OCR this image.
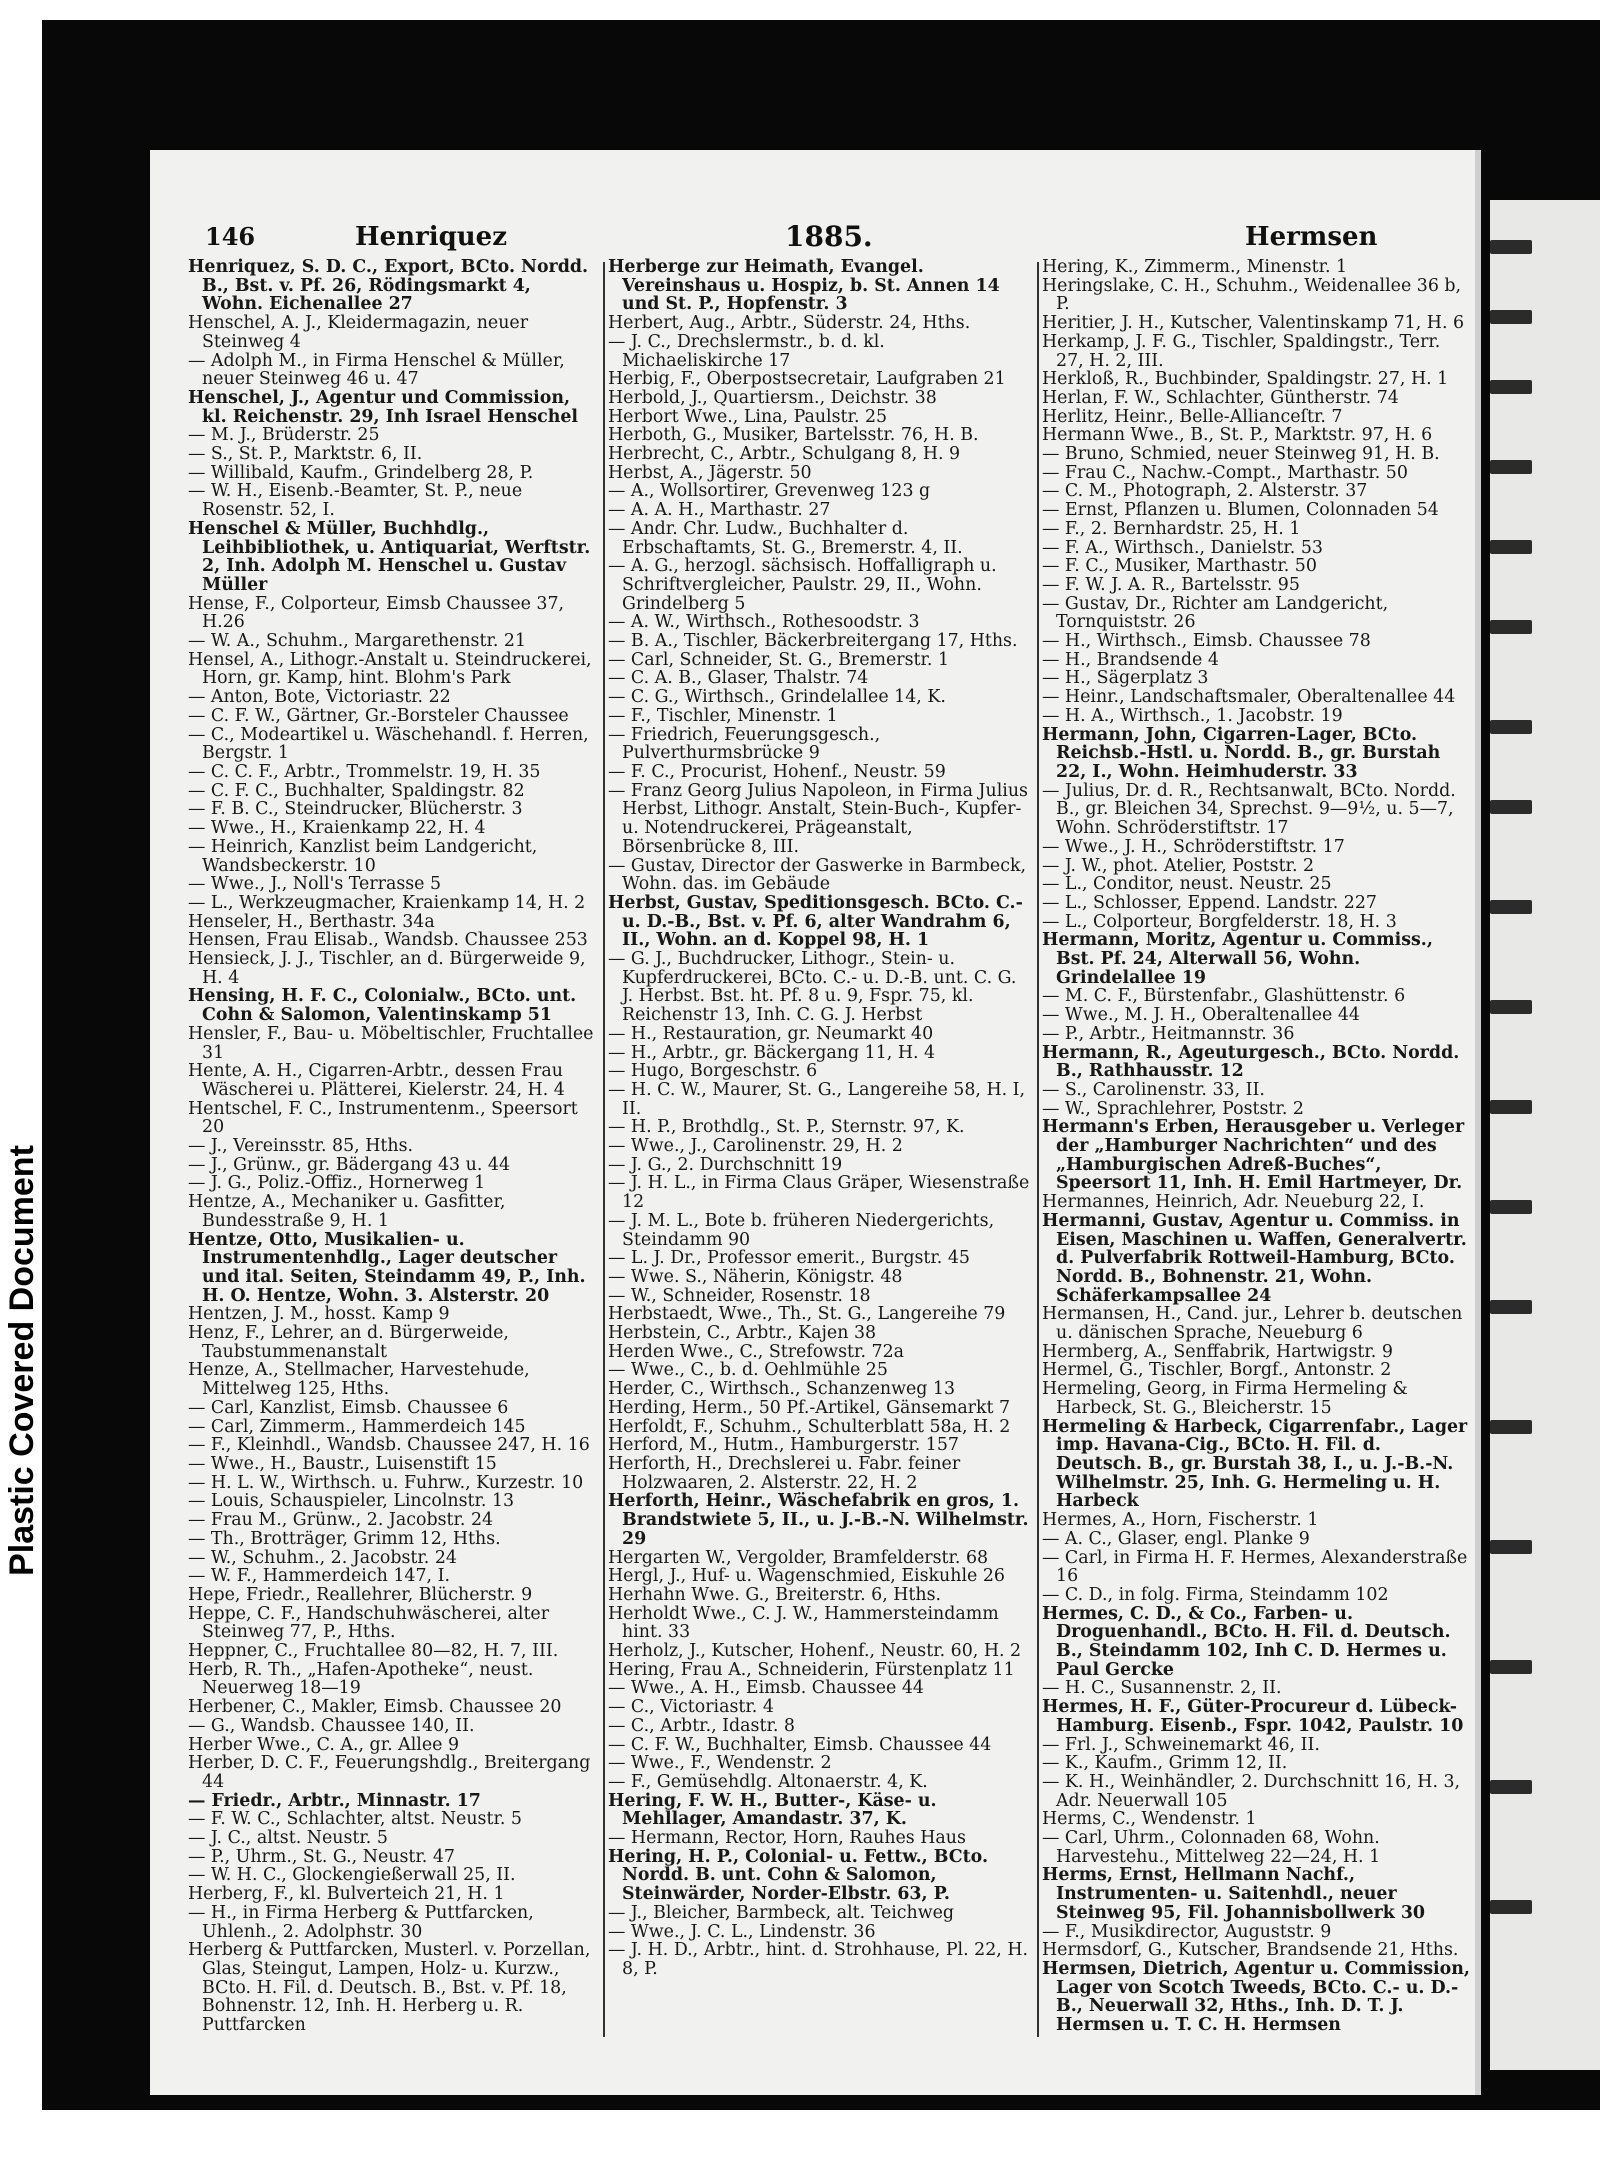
Plastic Covered Document
146	Henriquez	1885.	Hermsen

Henriquez, S. D. C., Export, BCto. Nordd. B., Bst. v. Pf. 26, Rödingsmarkt 4, Wohn. Eichenallee 27

Henschel, A. J., Kleidermagazin, neuer Steinweg 4

— Adolph M., in Firma Henschel & Müller, neuer Steinweg 46 u. 47

Henschel, J., Agentur und Commission, kl. Reichenstr. 29, Inh Israel Henschel

— M. J., Brüderstr. 25

— S., St. P., Marktstr. 6, II.

— Willibald, Kaufm., Grindelberg 28, P.

— W. H., Eisenb.-Beamter, St. P., neue Rosenstr. 52, I.

Henschel & Müller, Buchhdlg., Leihbibliothek, u. Antiquariat, Werftstr. 2, Inh. Adolph M. Henschel u. Gustav Müller

Hense, F., Colporteur, Eimsb Chaussee 37, H.26

— W. A., Schuhm., Margarethenstr. 21

Hensel, A., Lithogr.-Anstalt u. Steindruckerei, Horn, gr. Kamp, hint. Blohm's Park

— Anton, Bote, Victoriastr. 22

— C. F. W., Gärtner, Gr.-Borsteler Chaussee

— C., Modeartikel u. Wäschehandl. f. Herren, Bergstr. 1

— C. C. F., Arbtr., Trommelstr. 19, H. 35

— C. F. C., Buchhalter, Spaldingstr. 82

— F. B. C., Steindrucker, Blücherstr. 3

— Wwe., H., Kraienkamp 22, H. 4

— Heinrich, Kanzlist beim Landgericht, Wandsbeckerstr. 10

— Wwe., J., Noll's Terrasse 5

— L., Werkzeugmacher, Kraienkamp 14, H. 2

Henseler, H., Berthastr. 34a

Hensen, Frau Elisab., Wandsb. Chaussee 253

Hensieck, J. J., Tischler, an d. Bürgerweide 9, H. 4

Hensing, H. F. C., Colonialw., BCto. unt. Cohn & Salomon, Valentinskamp 51

Hensler, F., Bau- u. Möbeltischler, Fruchtallee 31

Hente, A. H., Cigarren-Arbtr., dessen Frau Wäscherei u. Plätterei, Kielerstr. 24, H. 4

Hentschel, F. C., Instrumentenm., Speersort 20

— J., Vereinsstr. 85, Hths.

— J., Grünw., gr. Bädergang 43 u. 44

— J. G., Poliz.-Offiz., Hornerweg 1

Hentze, A., Mechaniker u. Gasfitter, Bundesstraße 9, H. 1

Hentze, Otto, Musikalien- u. Instrumentenhdlg., Lager deutscher und ital. Seiten, Steindamm 49, P., Inh. H. O. Hentze, Wohn. 3. Alsterstr. 20

Hentzen, J. M., hosst. Kamp 9

Henz, F., Lehrer, an d. Bürgerweide, Taubstummenanstalt

Henze, A., Stellmacher, Harvestehude, Mittelweg 125, Hths.

— Carl, Kanzlist, Eimsb. Chaussee 6

— Carl, Zimmerm., Hammerdeich 145

— F., Kleinhdl., Wandsb. Chaussee 247, H. 16

— Wwe., H., Baustr., Luisenstift 15

— H. L. W., Wirthsch. u. Fuhrw., Kurzestr. 10

— Louis, Schauspieler, Lincolnstr. 13

— Frau M., Grünw., 2. Jacobstr. 24

— Th., Brotträger, Grimm 12, Hths.

— W., Schuhm., 2. Jacobstr. 24

— W. F., Hammerdeich 147, I.

Hepe, Friedr., Reallehrer, Blücherstr. 9

Heppe, C. F., Handschuhwäscherei, alter Steinweg 77, P., Hths.

Heppner, C., Fruchtallee 80—82, H. 7, III.

Herb, R. Th., „Hafen-Apotheke“, neust. Neuerweg 18—19

Herbener, C., Makler, Eimsb. Chaussee 20

— G., Wandsb. Chaussee 140, II.

Herber Wwe., C. A., gr. Allee 9

Herber, D. C. F., Feuerungshdlg., Breitergang 44

— Friedr., Arbtr., Minnastr. 17

— F. W. C., Schlachter, altst. Neustr. 5

— J. C., altst. Neustr. 5

— P., Uhrm., St. G., Neustr. 47

— W. H. C., Glockengießerwall 25, II.

Herberg, F., kl. Bulverteich 21, H. 1

— H., in Firma Herberg & Puttfarcken, Uhlenh., 2. Adolphstr. 30

Herberg & Puttfarcken, Musterl. v. Porzellan, Glas, Steingut, Lampen, Holz- u. Kurzw., BCto. H. Fil. d. Deutsch. B., Bst. v. Pf. 18, Bohnenstr. 12, Inh. H. Herberg u. R. Puttfarcken

Herberge zur Heimath, Evangel. Vereinshaus u. Hospiz, b. St. Annen 14 und St. P., Hopfenstr. 3

Herbert, Aug., Arbtr., Süderstr. 24, Hths.

— J. C., Drechslermstr., b. d. kl. Michaeliskirche 17

Herbig, F., Oberpostsecretair, Laufgraben 21

Herbold, J., Quartiersm., Deichstr. 38

Herbort Wwe., Lina, Paulstr. 25

Herboth, G., Musiker, Bartelsstr. 76, H. B.

Herbrecht, C., Arbtr., Schulgang 8, H. 9

Herbst, A., Jägerstr. 50

— A., Wollsortirer, Grevenweg 123 g

— A. A. H., Marthastr. 27

— Andr. Chr. Ludw., Buchhalter d. Erbschaftamts, St. G., Bremerstr. 4, II.

— A. G., herzogl. sächsisch. Hoffalligraph u. Schriftvergleicher, Paulstr. 29, II., Wohn. Grindelberg 5

— A. W., Wirthsch., Rothesoodstr. 3

— B. A., Tischler, Bäckerbreitergang 17, Hths.

— Carl, Schneider, St. G., Bremerstr. 1

— C. A. B., Glaser, Thalstr. 74

— C. G., Wirthsch., Grindelallee 14, K.

— F., Tischler, Minenstr. 1

— Friedrich, Feuerungsgesch., Pulverthurmsbrücke 9

— F. C., Procurist, Hohenf., Neustr. 59

— Franz Georg Julius Napoleon, in Firma Julius Herbst, Lithogr. Anstalt, Stein-Buch-, Kupfer- u. Notendruckerei, Prägeanstalt, Börsenbrücke 8, III.

— Gustav, Director der Gaswerke in Barmbeck, Wohn. das. im Gebäude

Herbst, Gustav, Speditionsgesch. BCto. C.- u. D.-B., Bst. v. Pf. 6, alter Wandrahm 6, II., Wohn. an d. Koppel 98, H. 1

— G. J., Buchdrucker, Lithogr., Stein- u. Kupferdruckerei, BCto. C.- u. D.-B. unt. C. G. J. Herbst. Bst. ht. Pf. 8 u. 9, Fspr. 75, kl. Reichenstr 13, Inh. C. G. J. Herbst

— H., Restauration, gr. Neumarkt 40

— H., Arbtr., gr. Bäckergang 11, H. 4

— Hugo, Borgeschstr. 6

— H. C. W., Maurer, St. G., Langereihe 58, H. I, II.

— H. P., Brothdlg., St. P., Sternstr. 97, K.

— Wwe., J., Carolinenstr. 29, H. 2

— J. G., 2. Durchschnitt 19

— J. H. L., in Firma Claus Gräper, Wiesenstraße 12

— J. M. L., Bote b. früheren Niedergerichts, Steindamm 90

— L. J. Dr., Professor emerit., Burgstr. 45

— Wwe. S., Näherin, Königstr. 48

— W., Schneider, Rosenstr. 18

Herbstaedt, Wwe., Th., St. G., Langereihe 79

Herbstein, C., Arbtr., Kajen 38

Herden Wwe., C., Strefowstr. 72a

— Wwe., C., b. d. Oehlmühle 25

Herder, C., Wirthsch., Schanzenweg 13

Herding, Herm., 50 Pf.-Artikel, Gänsemarkt 7

Herfoldt, F., Schuhm., Schulterblatt 58a, H. 2

Herford, M., Hutm., Hamburgerstr. 157

Herforth, H., Drechslerei u. Fabr. feiner Holzwaaren, 2. Alsterstr. 22, H. 2

Herforth, Heinr., Wäschefabrik en gros, 1. Brandstwiete 5, II., u. J.-B.-N. Wilhelmstr. 29

Hergarten W., Vergolder, Bramfelderstr. 68

Hergl, J., Huf- u. Wagenschmied, Eiskuhle 26

Herhahn Wwe. G., Breiterstr. 6, Hths.

Herholdt Wwe., C. J. W., Hammersteindamm hint. 33

Herholz, J., Kutscher, Hohenf., Neustr. 60, H. 2

Hering, Frau A., Schneiderin, Fürstenplatz 11

— Wwe., A. H., Eimsb. Chaussee 44

— C., Victoriastr. 4

— C., Arbtr., Idastr. 8

— C. F. W., Buchhalter, Eimsb. Chaussee 44

— Wwe., F., Wendenstr. 2

— F., Gemüsehdlg. Altonaerstr. 4, K.

Hering, F. W. H., Butter-, Käse- u. Mehllager, Amandastr. 37, K.

— Hermann, Rector, Horn, Rauhes Haus

Hering, H. P., Colonial- u. Fettw., BCto. Nordd. B. unt. Cohn & Salomon, Steinwärder, Norder-Elbstr. 63, P.

— J., Bleicher, Barmbeck, alt. Teichweg

— Wwe., J. C. L., Lindenstr. 36

— J. H. D., Arbtr., hint. d. Strohhause, Pl. 22, H. 8, P.

Hering, K., Zimmerm., Minenstr. 1

Heringslake, C. H., Schuhm., Weidenallee 36 b, P.

Heritier, J. H., Kutscher, Valentinskamp 71, H. 6

Herkamp, J. F. G., Tischler, Spaldingstr., Terr. 27, H. 2, III.

Herkloß, R., Buchbinder, Spaldingstr. 27, H. 1

Herlan, F. W., Schlachter, Güntherstr. 74

Herlitz, Heinr., Belle-Allianceſtr. 7

Hermann Wwe., B., St. P., Marktstr. 97, H. 6

— Bruno, Schmied, neuer Steinweg 91, H. B.

— Frau C., Nachw.-Compt., Marthastr. 50

— C. M., Photograph, 2. Alsterstr. 37

— Ernst, Pflanzen u. Blumen, Colonnaden 54

— F., 2. Bernhardstr. 25, H. 1

— F. A., Wirthsch., Danielstr. 53

— F. C., Musiker, Marthastr. 50

— F. W. J. A. R., Bartelsstr. 95

— Gustav, Dr., Richter am Landgericht, Tornquiststr. 26

— H., Wirthsch., Eimsb. Chaussee 78

— H., Brandsende 4

— H., Sägerplatz 3

— Heinr., Landschaftsmaler, Oberaltenallee 44

— H. A., Wirthsch., 1. Jacobstr. 19

Hermann, John, Cigarren-Lager, BCto. Reichsb.-Hstl. u. Nordd. B., gr. Burstah 22, I., Wohn. Heimhuderstr. 33

— Julius, Dr. d. R., Rechtsanwalt, BCto. Nordd. B., gr. Bleichen 34, Sprechst. 9—9½, u. 5—7, Wohn. Schröderstiftstr. 17

— Wwe., J. H., Schröderstiftstr. 17

— J. W., phot. Atelier, Poststr. 2

— L., Conditor, neust. Neustr. 25

— L., Schlosser, Eppend. Landstr. 227

— L., Colporteur, Borgfelderstr. 18, H. 3

Hermann, Moritz, Agentur u. Commiss., Bst. Pf. 24, Alterwall 56, Wohn. Grindelallee 19

— M. C. F., Bürstenfabr., Glashüttenstr. 6

— Wwe., M. J. H., Oberaltenallee 44

— P., Arbtr., Heitmannstr. 36

Hermann, R., Ageuturgesch., BCto. Nordd. B., Rathhausstr. 12

— S., Carolinenstr. 33, II.

— W., Sprachlehrer, Poststr. 2

Hermann's Erben, Herausgeber u. Verleger der „Hamburger Nachrichten“ und des „Hamburgischen Adreß-Buches“, Speersort 11, Inh. H. Emil Hartmeyer, Dr.

Hermannes, Heinrich, Adr. Neueburg 22, I.

Hermanni, Gustav, Agentur u. Commiss. in Eisen, Maschinen u. Waffen, Generalvertr. d. Pulverfabrik Rottweil-Hamburg, BCto. Nordd. B., Bohnenstr. 21, Wohn. Schäferkampsallee 24

Hermansen, H., Cand. jur., Lehrer b. deutschen u. dänischen Sprache, Neueburg 6

Hermberg, A., Senffabrik, Hartwigstr. 9

Hermel, G., Tischler, Borgf., Antonstr. 2

Hermeling, Georg, in Firma Hermeling & Harbeck, St. G., Bleicherstr. 15

Hermeling & Harbeck, Cigarrenfabr., Lager imp. Havana-Cig., BCto. H. Fil. d. Deutsch. B., gr. Burstah 38, I., u. J.-B.-N. Wilhelmstr. 25, Inh. G. Hermeling u. H. Harbeck

Hermes, A., Horn, Fischerstr. 1

— A. C., Glaser, engl. Planke 9

— Carl, in Firma H. F. Hermes, Alexanderstraße 16

— C. D., in folg. Firma, Steindamm 102

Hermes, C. D., & Co., Farben- u. Droguenhandl., BCto. H. Fil. d. Deutsch. B., Steindamm 102, Inh C. D. Hermes u. Paul Gercke

— H. C., Susannenstr. 2, II.

Hermes, H. F., Güter-Procureur d. Lübeck-Hamburg. Eisenb., Fspr. 1042, Paulstr. 10

— Frl. J., Schweinemarkt 46, II.

— K., Kaufm., Grimm 12, II.

— K. H., Weinhändler, 2. Durchschnitt 16, H. 3, Adr. Neuerwall 105

Herms, C., Wendenstr. 1

— Carl, Uhrm., Colonnaden 68, Wohn. Harvestehu., Mittelweg 22—24, H. 1

Herms, Ernst, Hellmann Nachf., Instrumenten- u. Saitenhdl., neuer Steinweg 95, Fil. Johannisbollwerk 30

— F., Musikdirector, Auguststr. 9

Hermsdorf, G., Kutscher, Brandsende 21, Hths.

Hermsen, Dietrich, Agentur u. Commission, Lager von Scotch Tweeds, BCto. C.- u. D.-B., Neuerwall 32, Hths., Inh. D. T. J. Hermsen u. T. C. H. Hermsen
